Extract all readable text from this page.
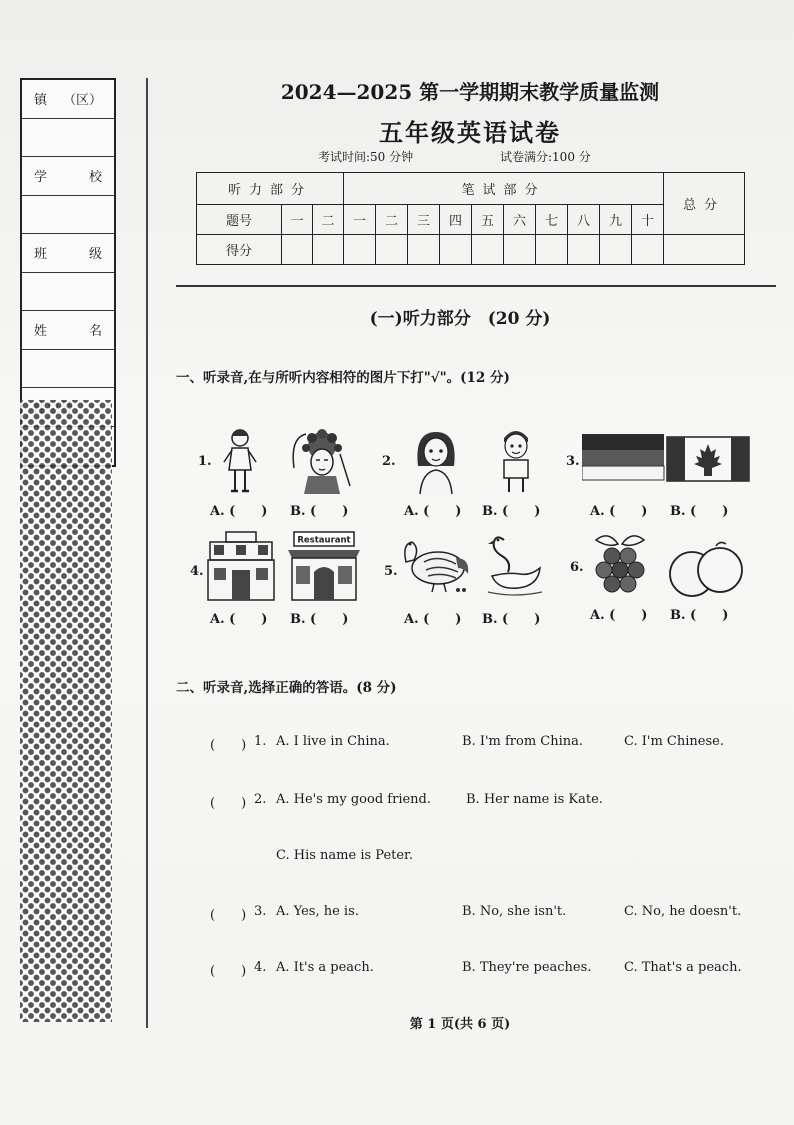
镇 （区）
学	校
班	级
姓	名
2024—2025 第一学期期末教学质量监测
五年级英语试卷
考试时间:50 分钟	试卷满分:100 分
听力部分			笔试部分										总分
题号	一	二	一	二	三	四	五	六	七	八	九	十	
得分													
(一)听力部分　(20 分)
一、听录音,在与所听内容相符的图片下打"√"。(12 分)
1.
A. (　　) B. (　　)
2.
A. (　　) B. (　　)
3.
A. (　　) B. (　　)
4.
Restaurant
A. (　　) B. (　　)
5.
A. (　　) B. (　　)
6.
A. (　　) B. (　　)
二、听录音,选择正确的答语。(8 分)
(　　) 1. A. I live in China.	B. I'm from China.	C. I'm Chinese.
(　　) 2. A. He's my good friend.	B. Her name is Kate.
C. His name is Peter.
(　　) 3. A. Yes, he is.	B. No, she isn't.	C. No, he doesn't.
(　　) 4. A. It's a peach.	B. They're peaches.	C. That's a peach.
第 1 页(共 6 页)
